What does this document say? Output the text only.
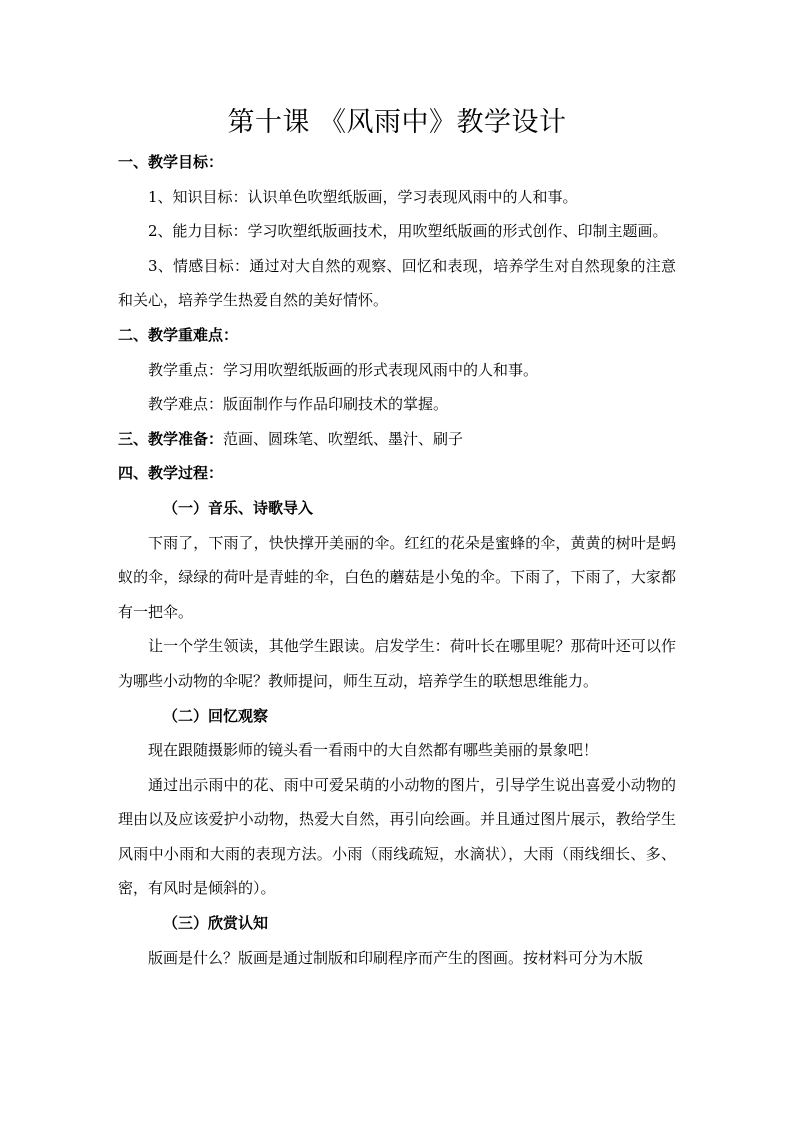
第十课 《风雨中》教学设计

一、教学目标：

1、知识目标：认识单色吹塑纸版画，学习表现风雨中的人和事。

2、能力目标：学习吹塑纸版画技术，用吹塑纸版画的形式创作、印制主题画。

3、情感目标：通过对大自然的观察、回忆和表现，培养学生对自然现象的注意和关心，培养学生热爱自然的美好情怀。

二、教学重难点：

教学重点：学习用吹塑纸版画的形式表现风雨中的人和事。

教学难点：版面制作与作品印刷技术的掌握。

三、教学准备：范画、圆珠笔、吹塑纸、墨汁、刷子

四、教学过程：

（一）音乐、诗歌导入

下雨了，下雨了，快快撑开美丽的伞。红红的花朵是蜜蜂的伞，黄黄的树叶是蚂蚁的伞，绿绿的荷叶是青蛙的伞，白色的蘑菇是小兔的伞。下雨了，下雨了，大家都有一把伞。

让一个学生领读，其他学生跟读。启发学生：荷叶长在哪里呢？那荷叶还可以作为哪些小动物的伞呢？教师提问，师生互动，培养学生的联想思维能力。

（二）回忆观察

现在跟随摄影师的镜头看一看雨中的大自然都有哪些美丽的景象吧！

通过出示雨中的花、雨中可爱呆萌的小动物的图片，引导学生说出喜爱小动物的理由以及应该爱护小动物，热爱大自然，再引向绘画。并且通过图片展示，教给学生风雨中小雨和大雨的表现方法。小雨（雨线疏短，水滴状），大雨（雨线细长、多、密，有风时是倾斜的）。

（三）欣赏认知

版画是什么？版画是通过制版和印刷程序而产生的图画。按材料可分为木版
